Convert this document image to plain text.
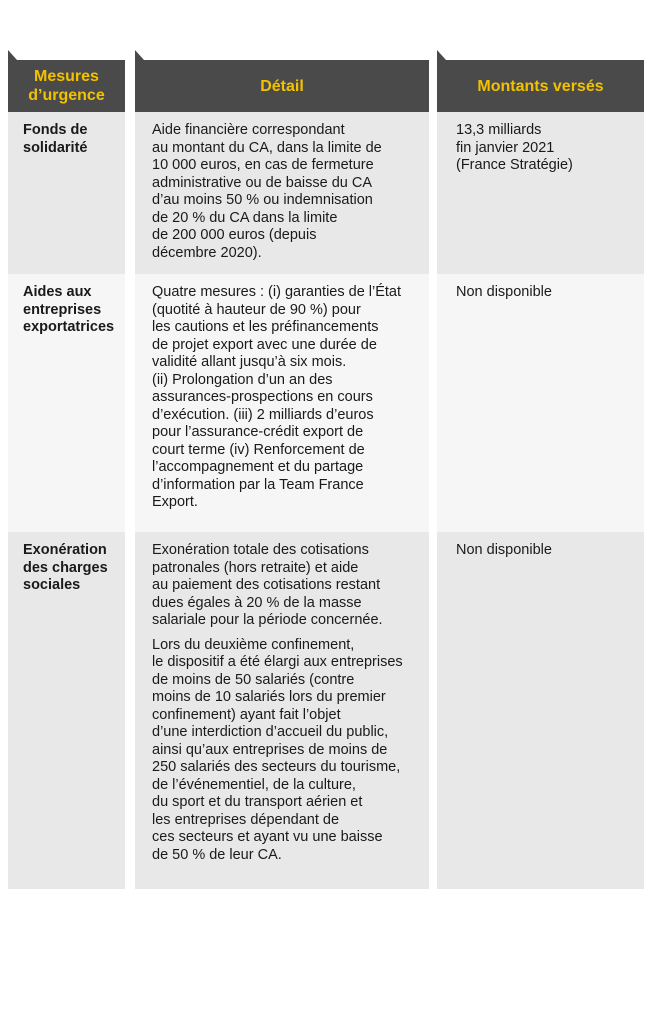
Mesures
d’urgence
Détail	Montants versés
Fonds de
solidarité
Aide financière correspondant
au montant du CA, dans la limite de
10 000 euros, en cas de fermeture
administrative ou de baisse du CA
d’au moins 50 % ou indemnisation
de 20 % du CA dans la limite
de 200 000 euros (depuis
décembre 2020).
13,3 milliards
fin janvier 2021
(France Stratégie)
Aides aux
entreprises
exportatrices
Quatre mesures : (i) garanties de l’État
(quotité à hauteur de 90 %) pour
les cautions et les préfinancements
de projet export avec une durée de
validité allant jusqu’à six mois.
(ii) Prolongation d’un an des
assurances-prospections en cours
d’exécution. (iii) 2 milliards d’euros
pour l’assurance-crédit export de
court terme (iv) Renforcement de
l’accompagnement et du partage
d’information par la Team France
Export.
Non disponible
Exonération
des charges
sociales
Exonération totale des cotisations
patronales (hors retraite) et aide
au paiement des cotisations restant
dues égales à 20 % de la masse
salariale pour la période concernée.
Lors du deuxième confinement,
le dispositif a été élargi aux entreprises
de moins de 50 salariés (contre
moins de 10 salariés lors du premier
confinement) ayant fait l’objet
d’une interdiction d’accueil du public,
ainsi qu’aux entreprises de moins de
250 salariés des secteurs du tourisme,
de l’événementiel, de la culture,
du sport et du transport aérien et
les entreprises dépendant de
ces secteurs et ayant vu une baisse
de 50 % de leur CA.
Non disponible
